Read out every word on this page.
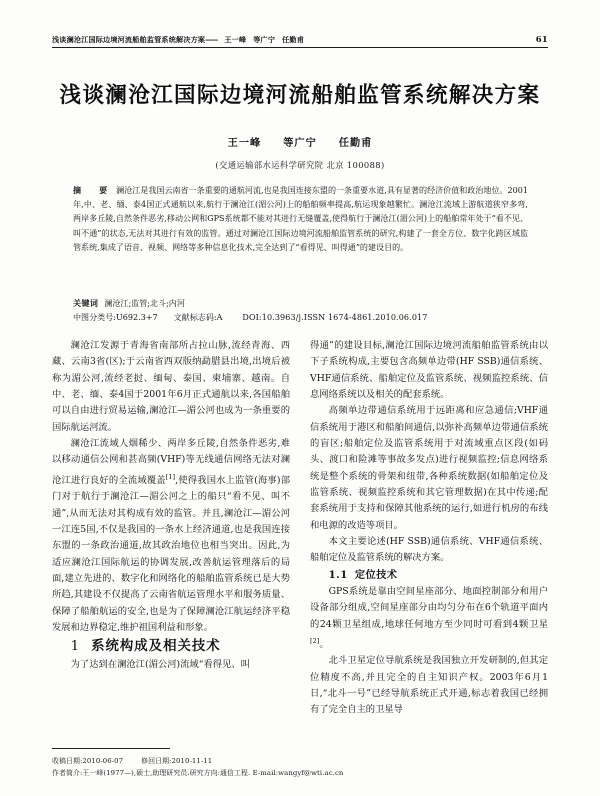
浅谈澜沧江国际边境河流船舶监管系统解决方案—— 王一峰 等广宁 任勤甫	61
浅谈澜沧江国际边境河流船舶监管系统解决方案
王一峰 等广宁 任勤甫
(交通运输部水运科学研究院 北京 100088)
摘　要 澜沧江是我国云南省一条重要的通航河流,也是我国连接东盟的一条重要水道,具有显著的经济价值和政治地位。2001年,中、老、缅、泰4国正式通航以来,航行于澜沧江(湄公河)上的船舶频率提高,航运现象越繁忙。澜沧江流域上游航道狭窄多弯,两岸多丘陵,自然条件恶劣,移动公网和GPS系统都不能对其进行无缝覆盖,使得航行于澜沧江(湄公河)上的船舶常年处于“看不见、叫不通”的状态,无法对其进行有效的监管。通过对澜沧江国际边境河流船舶监管系统的研究,构建了一套全方位、数字化跨区域监管系统,集成了语音、视频、网络等多种信息化技术,完全达到了“看得见、叫得通”的建设目的。
关键词 澜沧江;监管;北斗;内河
中图分类号:U692.3+7 文献标志码:A DOI:10.3963/j.ISSN 1674-4861.2010.06.017

澜沧江发源于青海省南部所占拉山脉,流经青海、西藏、云南3省(区);于云南省西双版纳勐腊县出境,出境后被称为湄公河,流经老挝、缅甸、泰国、柬埔寨、越南。自中、老、缅、泰4国于2001年6月正式通航以来,各国船舶可以自由进行贸易运输,澜沧江—湄公河也成为一条重要的国际航运河流。

澜沧江流域人烟稀少、两岸多丘陵,自然条件恶劣,难以移动通信公网和甚高频(VHF)等无线通信网络无法对澜沧江进行良好的全流域覆盖[1],使得我国水上监管(海事)部门对于航行于澜沧江—湄公河之上的船只“看不见、叫不通”,从而无法对其构成有效的监管。并且,澜沧江—湄公河一江连5国,不仅是我国的一条水上经济通道,也是我国连接东盟的一条政治通道,故其政治地位也相当突出。因此,为适应澜沧江国际航运的协调发展,改善航运管理落后的局面,建立先进的、数字化和网络化的船舶监管系统已是大势所趋,其建设不仅提高了云南省航运管理水平和服务质量、保障了船舶航运的安全,也是为了保障澜沧江航运经济平稳发展和边界稳定,维护祖国利益和形象。

1 系统构成及相关技术

为了达到在澜沧江(湄公河)流域“看得见、叫

得通”的建设目标,澜沧江国际边境河流船舶监管系统由以下子系统构成,主要包含高频单边带(HF SSB)通信系统、VHF通信系统、船舶定位及监管系统、视频监控系统、信息网络系统以及相关的配套系统。

高频单边带通信系统用于远距离和应急通信;VHF通信系统用于港区和船舶间通信,以弥补高频单边带通信系统的盲区;船舶定位及监管系统用于对流域重点区段(如码头、渡口和险滩等事故多发点)进行视频监控;信息网络系统是整个系统的骨架和纽带,各种系统数据(如船舶定位及监管系统、视频监控系统和其它管理数据)在其中传递;配套系统用于支持和保障其他系统的运行,如进行机房的布线和电源的改造等项目。

本文主要论述(HF SSB)通信系统、VHF通信系统、船舶定位及监管系统的解决方案。

1.1 定位技术

GPS系统是靠由空间星座部分、地面控制部分和用户设备部分组成,空间星座部分由均匀分布在6个轨道平面内的24颗卫星组成,地球任何地方至少同时可看到4颗卫星[2]。

北斗卫星定位导航系统是我国独立开发研制的,但其定位精度不高,并且完全的自主知识产权。2003年6月1日,“北斗一号”已经导航系统正式开通,标志着我国已经拥有了完全自主的卫星导

收稿日期:2010-06-07	修回日期:2010-11-11
作者简介:王一峰(1977—),硕士,助理研究员.研究方向:通信工程. E-mail:wangyf@wti.ac.cn
